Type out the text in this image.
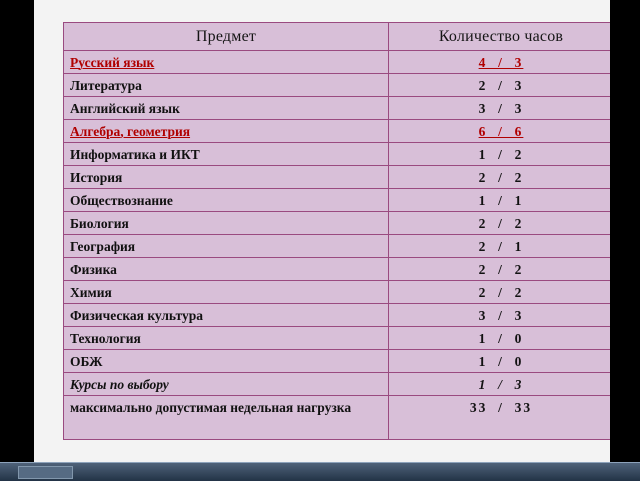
Предмет	Количество часов
Русский язык	4  /  3
Литература	2  /  3
Английский язык	3  /  3
Алгебра, геометрия	6  /  6
Информатика и ИКТ	1  /  2
История	2  /  2
Обществознание	1  /  1
Биология	2  /  2
География	2  /  1
Физика	2  /  2
Химия	2  /  2
Физическая культура	3  /  3
Технология	1  /  0
ОБЖ	1  /  0
Курсы по выбору	1  /  3
максимально допустимая недельная нагрузка	33  /  33
